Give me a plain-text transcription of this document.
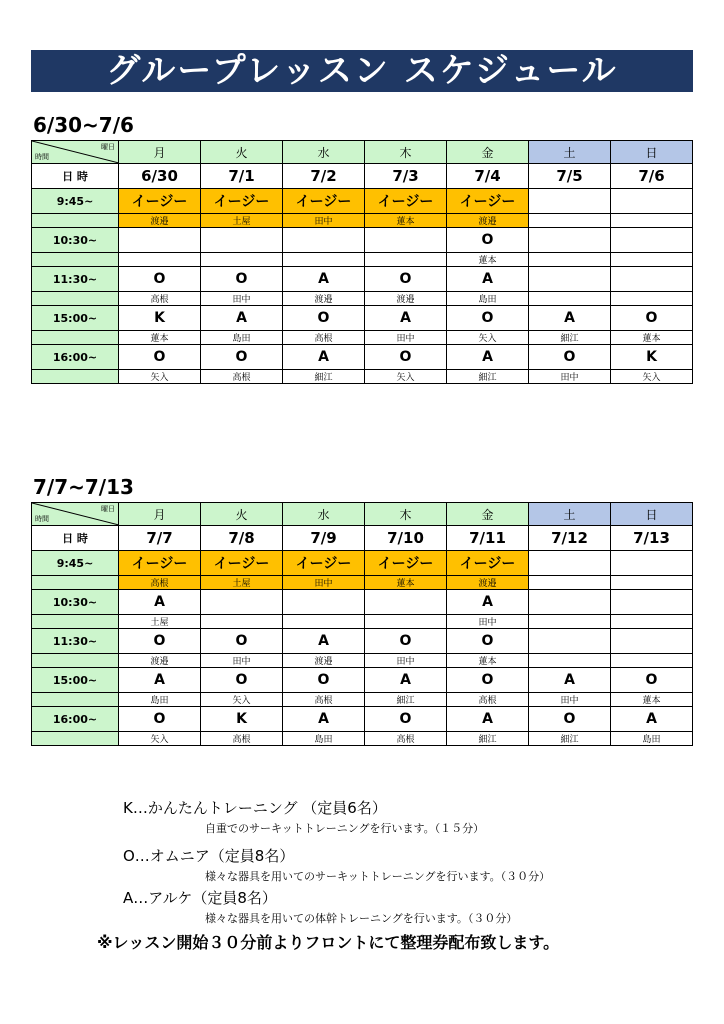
グループレッスン スケジュール
6/30~7/6
曜日
時間	月	火	水	木	金	土	日
日 時	6/30	7/1	7/2	7/3	7/4	7/5	7/6
9:45~	イージー	イージー	イージー	イージー	イージー		
	渡邉	土屋	田中	蓮本	渡邉		
10:30~					O		
					蓮本		
11:30~	O	O	A	O	A		
	高根	田中	渡邉	渡邉	島田		
15:00~	K	A	O	A	O	A	O
	蓮本	島田	高根	田中	矢入	細江	蓮本
16:00~	O	O	A	O	A	O	K
	矢入	高根	細江	矢入	細江	田中	矢入
7/7~7/13
曜日
時間	月	火	水	木	金	土	日
日 時	7/7	7/8	7/9	7/10	7/11	7/12	7/13
9:45~	イージー	イージー	イージー	イージー	イージー		
	高根	土屋	田中	蓮本	渡邉		
10:30~	A				A		
	土屋				田中		
11:30~	O	O	A	O	O		
	渡邉	田中	渡邉	田中	蓮本		
15:00~	A	O	O	A	O	A	O
	島田	矢入	高根	細江	高根	田中	蓮本
16:00~	O	K	A	O	A	O	A
	矢入	高根	島田	高根	細江	細江	島田
K…かんたんトレーニング （定員6名）
自重でのサーキットトレーニングを行います。（１５分）
O…オムニア（定員8名）
様々な器具を用いてのサーキットトレーニングを行います。（３０分）
A…アルケ（定員8名）
様々な器具を用いての体幹トレーニングを行います。（３０分）
※レッスン開始３０分前よりフロントにて整理券配布致します。
